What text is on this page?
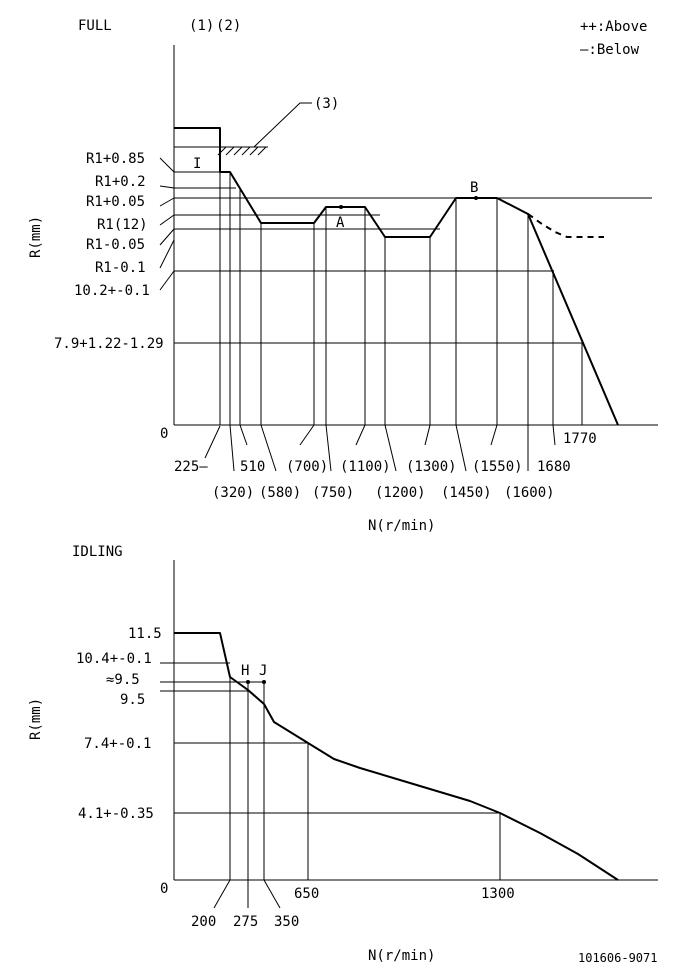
FULL	(1) (2)	++:Above
—:Below
0
R(mm)
(3)
I
R1+0.85
R1+0.2
R1+0.05
R1(12)
R1-0.05
R1-0.1
10.2+-0.1
7.9+1.22-1.29
A
B
225— 510 (700) (1100) (1300) (1550) 1680
1770
(320) (580) (750) (1200) (1450) (1600)
N(r/min)
IDLING
0
R(mm)
11.5
10.4+-0.1
≈9.5
9.5
7.4+-0.1
4.1+-0.35
H J
200 275 350
650	1300
N(r/min)	101606-9071
